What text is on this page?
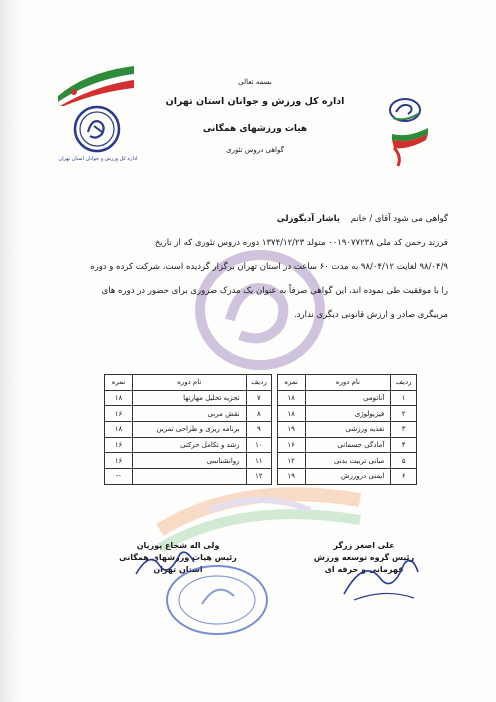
اداره کل ورزش و جوانان استان تهران
بسمه تعالی
اداره کل ورزش و جوانان استان تهران
هیات ورزشهای همگانی
گواهی دروس تئوری
گواهی می شود آقای / خانم    یاشار آدیگوزلی
فرزند رحمن کد ملی ۰۰۱۹۰۷۷۲۳۸ متولد ۱۳۷۴/۱۲/۲۳ دوره دروس تئوری که از تاریخ
۹۸/۰۴/۹ لغایت ۹۸/۰۴/۱۲ به مدت ۶۰ ساعت در استان تهران برگزار گردیده است، شرکت کرده و دوره
را با موفقیت طی نموده اند، این گواهی صرفاً به عنوان یک مدرک ضروری برای حضور در دوره های
مربیگری صادر و ارزش قانونی دیگری ندارد.
ردیف	نام دوره	نمره		ردیف	نام دوره	نمره
۱	آناتومی	۱۸		۷	تجزیه تحلیل مهارتها	۱۸
۲	فیزیولوژی	۱۸		۸	نقش مربی	۱۶
۳	تغذیه ورزشی	۱۹		۹	برنامه ریزی و طراحی تمرین	۱۸
۴	آمادگی جسمانی	۱۶		۱۰	رشد و تکامل حرکتی	۱۶
۵	مبانی تربیت بدنی	۱۲		۱۱	روانشناسی	۱۶
۶	ایمنی درورزش	۱۹		۱۲		--
ولی اله شجاع پوریان
رئیس هیات ورزشهای همگانی
استان تهران
علی اصغر زرگر
رئیس گروه توسعه ورزش
قهرمانی و حرفه ای
